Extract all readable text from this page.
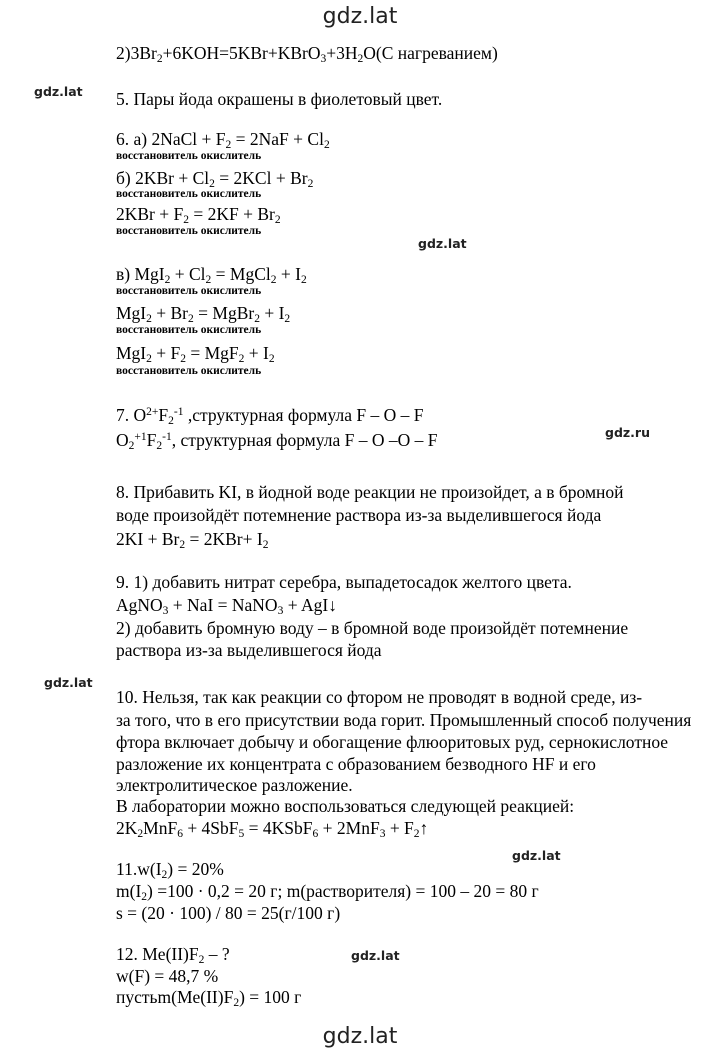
gdz.lat
gdz.lat
gdz.lat
gdz.ru
gdz.lat
gdz.lat
gdz.lat
$2)3Br_2+6KOH=5KBr+KBrO_3+3H_2O(С$ нагреванием)
5. Пары йода окрашены в фиолетовый цвет.
6. а) 2NaCl + $F_2 = 2NaF + Cl_2$
восстановитель окислитель
б) $2KBr + Cl_2 = 2KCl + Br_2$
восстановитель окислитель
$2KBr + F_2 = 2KF + Br_2$
восстановитель окислитель
в) $MgI_2 + Cl_2$ = MgCl$_2$ + $I_2$
восстановитель окислитель
$MgI_2 + Br_2$ = MgBr$_2$ + $I_2$
восстановитель окислитель
$MgI_2 + F_2 = MgF_2 + I_2$
восстановитель окислитель
7. $O^{2+}F_2^{-1}$ ,структурная формула F – O – F
$O_2^{+1}F_2^{-1}$, структурная формула F – O –O – F
8. Прибавить KI, в йодной воде реакции не произойдет, а в бромной
воде произойдёт потемнение раствора из-за выделившегося йода
$2KI + Br_2 = 2KBr+ I_2$
9. 1) добавить нитрат серебра, выпадетосадок желтого цвета.
AgNO$_3$ + NaI = NaNO$_3$ + AgI↓
2) добавить бромную воду – в бромной воде произойдёт потемнение
раствора из-за выделившегося йода
10. Нельзя, так как реакции со фтором не проводят в водной среде, из-
за того, что в его присутствии вода горит. Промышленный способ получения
фтора включает добычу и обогащение флюоритовых руд, сернокислотное
разложение их концентрата с образованием безводного HF и его
электролитическое разложение.
В лаборатории можно воспользоваться следующей реакцией:
$2K_2MnF_6 + 4SbF_5$ = 4KSbF$_6$ + $2MnF_3 + F_2↑$
$11.w(I_2) = 20\%$
$m(I_2) =100 \cdot 0,2 = 20$ г; m(растворителя) = 100 – 20 = 80 г
s = (20 · 100) / 80 = 25(г/100 г)
12. $Me(II)F_2$ – ?
w(F) = 48,7 %
$пустьm(Me(II)F_2) = 100$ г
gdz.lat
